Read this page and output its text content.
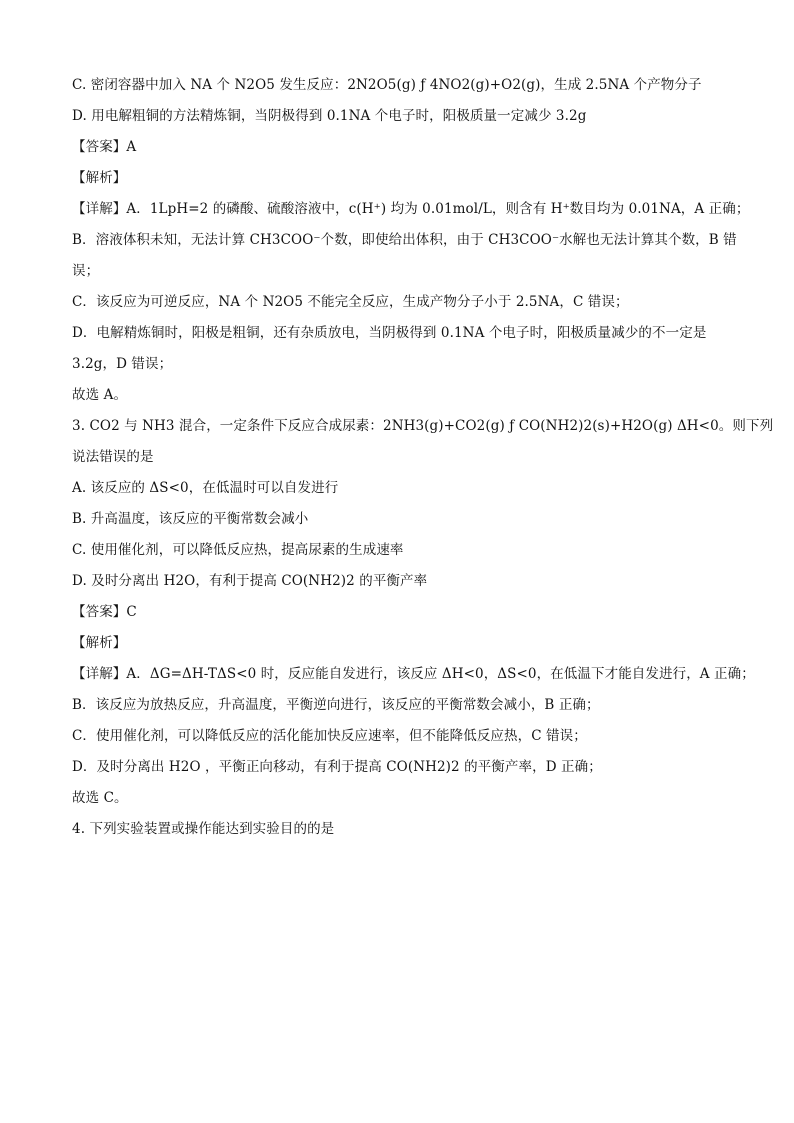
C. 密闭容器中加入 NA 个 N2O5 发生反应：2N2O5(g) ƒ 4NO2(g)+O2(g)，生成 2.5NA 个产物分子
D. 用电解粗铜的方法精炼铜，当阴极得到 0.1NA 个电子时，阳极质量一定减少 3.2g
【答案】A
【解析】
【详解】A．1LpH=2 的磷酸、硫酸溶液中，c(H⁺) 均为 0.01mol/L，则含有 H⁺数目均为 0.01NA，A 正确；
B．溶液体积未知，无法计算 CH3COO⁻个数，即使给出体积，由于 CH3COO⁻水解也无法计算其个数，B 错
误；
C．该反应为可逆反应，NA 个 N2O5 不能完全反应，生成产物分子小于 2.5NA，C 错误；
D．电解精炼铜时，阳极是粗铜，还有杂质放电，当阴极得到 0.1NA 个电子时，阳极质量减少的不一定是
3.2g，D 错误；
故选 A。
3. CO2 与 NH3 混合，一定条件下反应合成尿素：2NH3(g)+CO2(g) ƒ CO(NH2)2(s)+H2O(g) ΔH<0。则下列
说法错误的是
A. 该反应的 ΔS<0，在低温时可以自发进行
B. 升高温度，该反应的平衡常数会减小
C. 使用催化剂，可以降低反应热，提高尿素的生成速率
D. 及时分离出 H2O，有利于提高 CO(NH2)2 的平衡产率
【答案】C
【解析】
【详解】A．ΔG=ΔH-TΔS<0 时，反应能自发进行，该反应 ΔH<0，ΔS<0，在低温下才能自发进行，A 正确；
B．该反应为放热反应，升高温度，平衡逆向进行，该反应的平衡常数会减小，B 正确；
C．使用催化剂，可以降低反应的活化能加快反应速率，但不能降低反应热，C 错误；
D．及时分离出 H2O ，平衡正向移动，有利于提高 CO(NH2)2 的平衡产率，D 正确；
故选 C。
4. 下列实验装置或操作能达到实验目的的是
